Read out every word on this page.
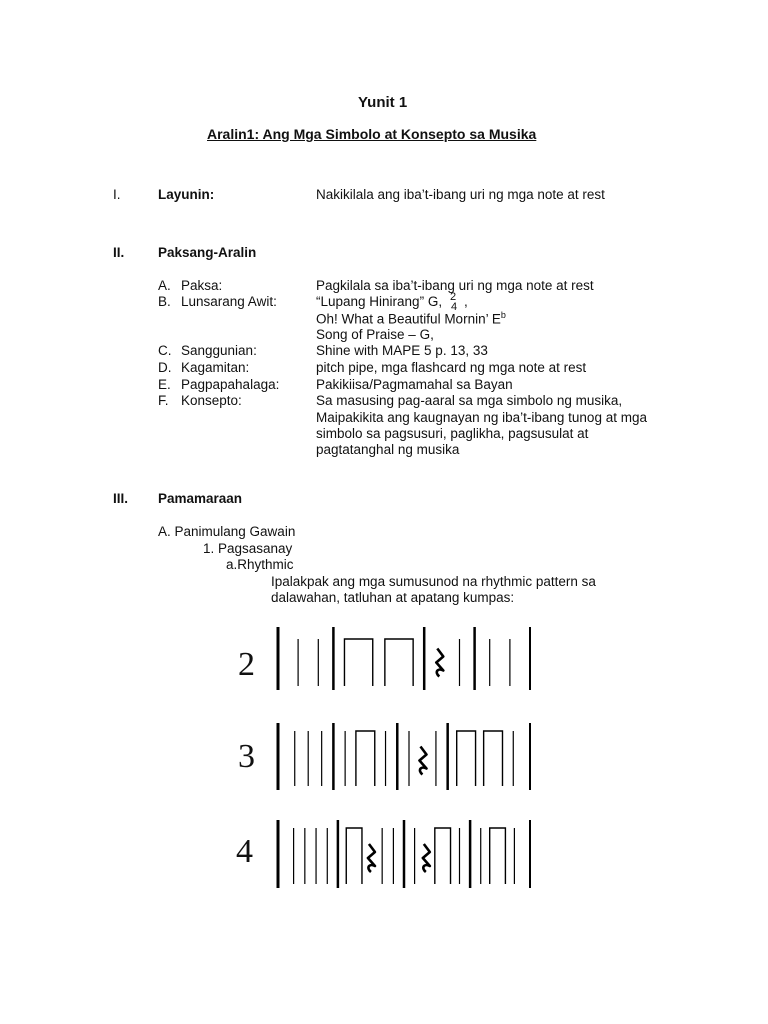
Yunit 1
Aralin1: Ang Mga Simbolo at Konsepto sa Musika
I.	Layunin:	Nakikilala ang iba’t-ibang uri ng mga note at rest
II. Paksang-Aralin
A. Paksa:	Pagkilala sa iba’t-ibang uri ng mga note at rest
B. Lunsarang Awit:	“Lupang Hinirang” G, 2
4 ,
Oh! What a Beautiful Mornin’ $E^b$
Song of Praise – G,
C. Sanggunian:	Shine with MAPE 5 p. 13, 33
D. Kagamitan:	pitch pipe, mga flashcard ng mga note at rest
E. Pagpapahalaga:	Pakikiisa/Pagmamahal sa Bayan
F. Konsepto:	Sa masusing pag-aaral sa mga simbolo ng musika,
Maipakikita ang kaugnayan ng iba’t-ibang tunog at mga
simbolo sa pagsusuri, paglikha, pagsusulat at
pagtatanghal ng musika
III. Pamamaraan
A. Panimulang Gawain
1. Pagsasanay
a.Rhythmic
Ipalakpak ang mga sumusunod na rhythmic pattern sa
dalawahan, tatluhan at apatang kumpas:
2
3
4
